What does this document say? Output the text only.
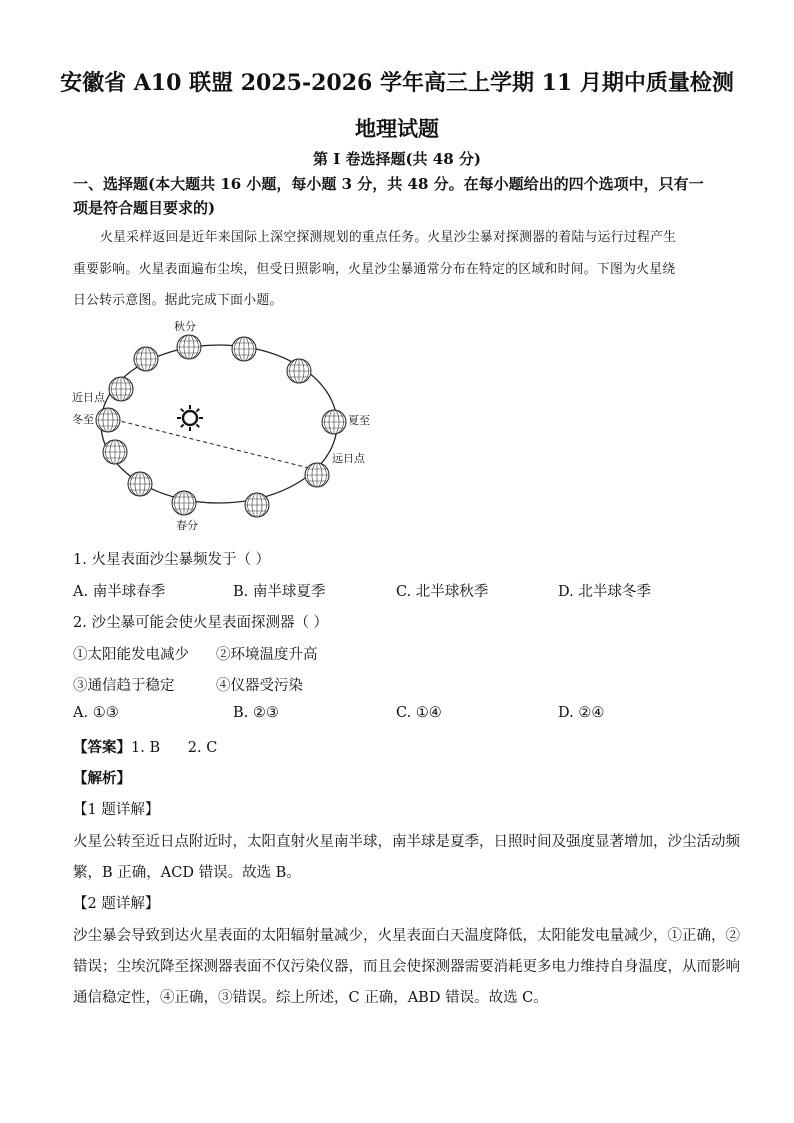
安徽省 A10 联盟 2025-2026 学年高三上学期 11 月期中质量检测
地理试题
第 I 卷选择题(共 48 分)
一、选择题(本大题共 16 小题，每小题 3 分，共 48 分。在每小题给出的四个选项中，只有一
项是符合题目要求的)
火星采样返回是近年来国际上深空探测规划的重点任务。火星沙尘暴对探测器的着陆与运行过程产生
重要影响。火星表面遍布尘埃，但受日照影响，火星沙尘暴通常分布在特定的区域和时间。下图为火星绕
日公转示意图。据此完成下面小题。
秋分
春分
夏至
冬至
近日点
远日点
1. 火星表面沙尘暴频发于（ ）
A. 南半球春季	B. 南半球夏季	C. 北半球秋季	D. 北半球冬季
2. 沙尘暴可能会使火星表面探测器（ ）
①太阳能发电减少 ②环境温度升高
③通信趋于稳定	④仪器受污染
A. ①③	B. ②③	C. ①④	D. ②④
【答案】1. B      2. C
【解析】
【1 题详解】
火星公转至近日点附近时，太阳直射火星南半球，南半球是夏季，日照时间及强度显著增加，沙尘活动频
繁，B 正确，ACD 错误。故选 B。
【2 题详解】
沙尘暴会导致到达火星表面的太阳辐射量减少，火星表面白天温度降低，太阳能发电量减少，①正确，②
错误；尘埃沉降至探测器表面不仅污染仪器，而且会使探测器需要消耗更多电力维持自身温度，从而影响
通信稳定性，④正确，③错误。综上所述，C 正确，ABD 错误。故选 C。
